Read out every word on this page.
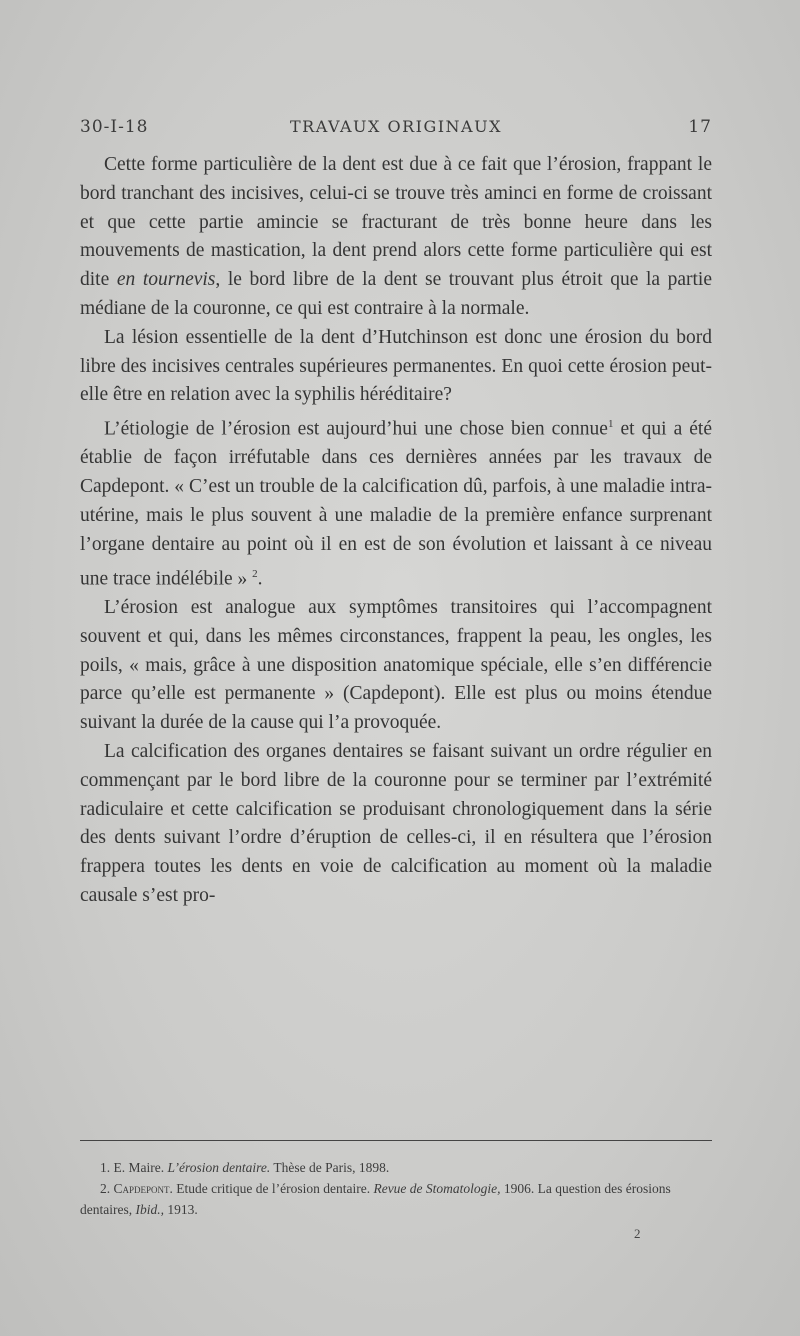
30-I-18	TRAVAUX ORIGINAUX	17

Cette forme particulière de la dent est due à ce fait que l’érosion, frappant le bord tranchant des incisives, celui-ci se trouve très aminci en forme de croissant et que cette partie amincie se fracturant de très bonne heure dans les mouvements de mastication, la dent prend alors cette forme particulière qui est dite en tournevis, le bord libre de la dent se trouvant plus étroit que la partie médiane de la couronne, ce qui est contraire à la normale.

La lésion essentielle de la dent d’Hutchinson est donc une érosion du bord libre des incisives centrales supérieures permanentes. En quoi cette érosion peut-elle être en relation avec la syphilis héréditaire?

L’étiologie de l’érosion est aujourd’hui une chose bien connue$^1$ et qui a été établie de façon irréfutable dans ces dernières années par les travaux de Capdepont. « C’est un trouble de la calcification dû, parfois, à une maladie intra-utérine, mais le plus souvent à une maladie de la première enfance surprenant l’organe dentaire au point où il en est de son évolution et laissant à ce niveau une trace indélébile » $^2$.

L’érosion est analogue aux symptômes transitoires qui l’accompagnent souvent et qui, dans les mêmes circonstances, frappent la peau, les ongles, les poils, « mais, grâce à une disposition anatomique spéciale, elle s’en différencie parce qu’elle est permanente » (Capdepont). Elle est plus ou moins étendue suivant la durée de la cause qui l’a provoquée.

La calcification des organes dentaires se faisant suivant un ordre régulier en commençant par le bord libre de la couronne pour se terminer par l’extrémité radiculaire et cette calcification se produisant chronologiquement dans la série des dents suivant l’ordre d’éruption de celles-ci, il en résultera que l’érosion frappera toutes les dents en voie de calcification au moment où la maladie causale s’est pro-

1. E. Maire. L’érosion dentaire. Thèse de Paris, 1898.

2. Capdepont. Etude critique de l’érosion dentaire. Revue de Stomatologie, 1906. La question des érosions dentaires, Ibid., 1913.

2
